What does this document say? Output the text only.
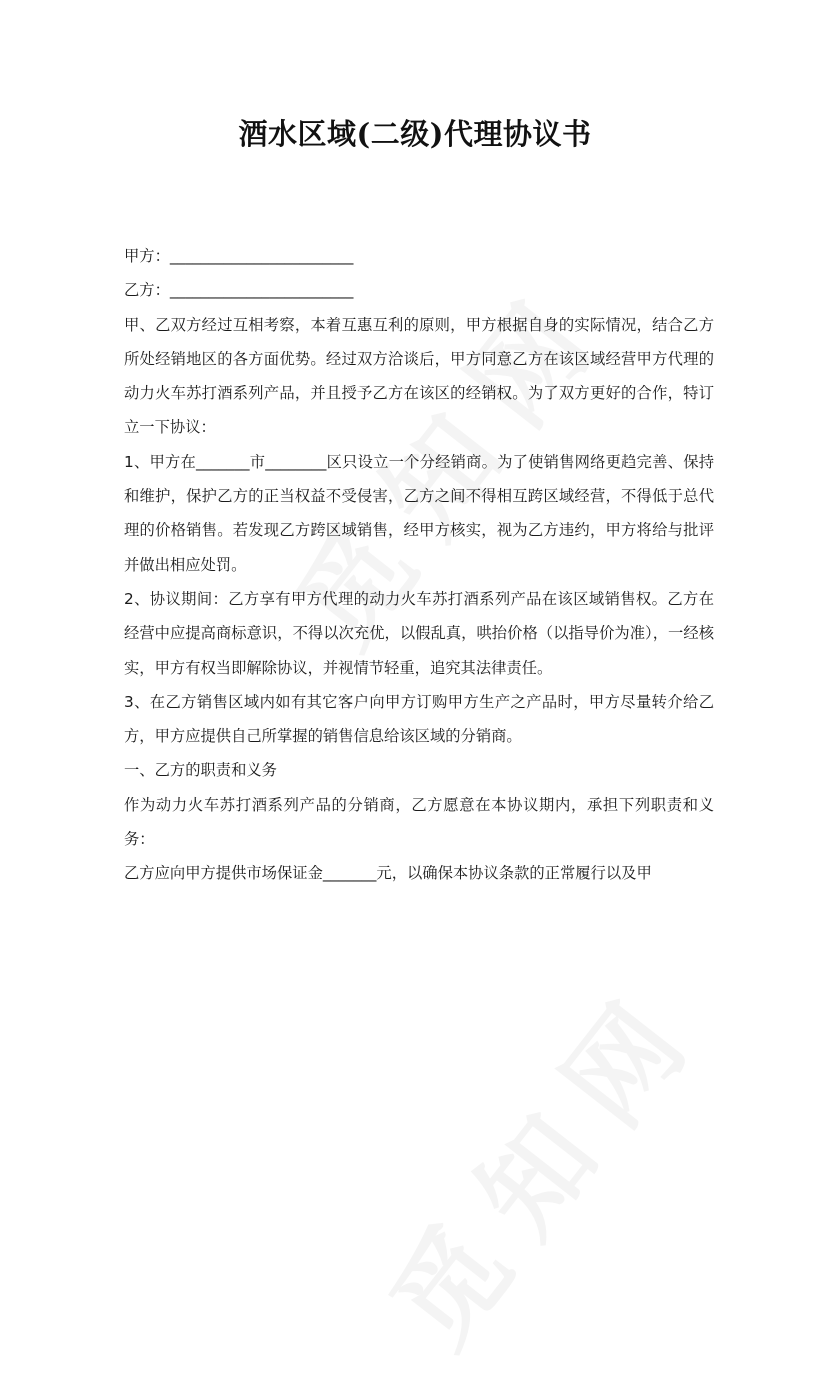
酒水区域(二级)代理协议书

甲方：________________________

乙方：________________________

甲、乙双方经过互相考察，本着互惠互利的原则，甲方根据自身的实际情况，结合乙方所处经销地区的各方面优势。经过双方洽谈后，甲方同意乙方在该区域经营甲方代理的动力火车苏打酒系列产品，并且授予乙方在该区的经销权。为了双方更好的合作，特订立一下协议：

1、甲方在_______市________区只设立一个分经销商。为了使销售网络更趋完善、保持和维护，保护乙方的正当权益不受侵害，乙方之间不得相互跨区域经营，不得低于总代理的价格销售。若发现乙方跨区域销售，经甲方核实，视为乙方违约，甲方将给与批评并做出相应处罚。

2、协议期间：乙方享有甲方代理的动力火车苏打酒系列产品在该区域销售权。乙方在经营中应提高商标意识，不得以次充优，以假乱真，哄抬价格（以指导价为准），一经核实，甲方有权当即解除协议，并视情节轻重，追究其法律责任。

3、在乙方销售区域内如有其它客户向甲方订购甲方生产之产品时，甲方尽量转介给乙方，甲方应提供自己所掌握的销售信息给该区域的分销商。

一、乙方的职责和义务

作为动力火车苏打酒系列产品的分销商，乙方愿意在本协议期内，承担下列职责和义务：

乙方应向甲方提供市场保证金_______元，以确保本协议条款的正常履行以及甲
